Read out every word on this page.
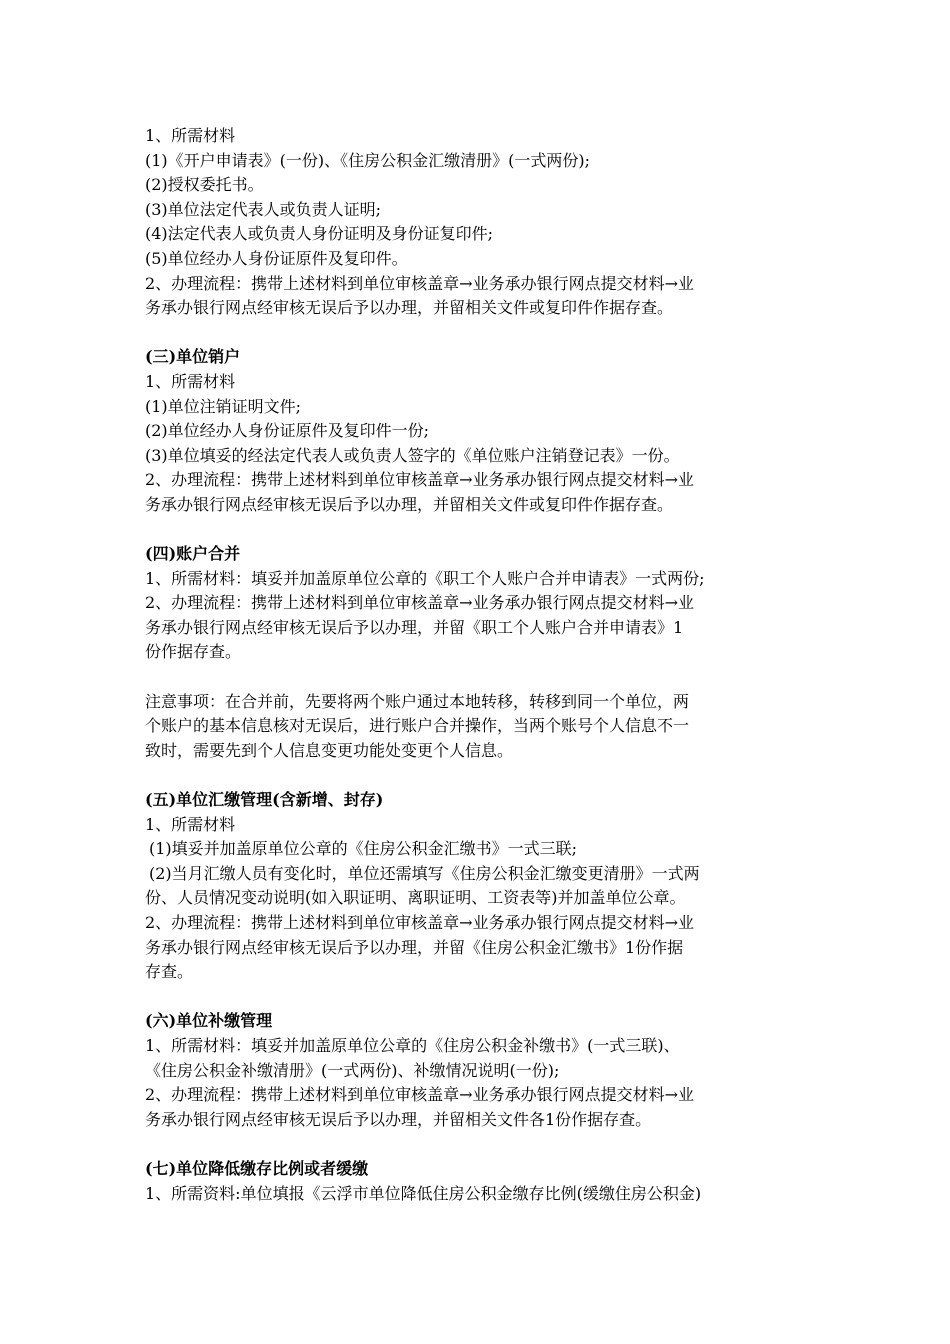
1、所需材料
(1)《开户申请表》(一份)、《住房公积金汇缴清册》(一式两份);
(2)授权委托书。
(3)单位法定代表人或负责人证明;
(4)法定代表人或负责人身份证明及身份证复印件;
(5)单位经办人身份证原件及复印件。
2、办理流程：携带上述材料到单位审核盖章→业务承办银行网点提交材料→业
务承办银行网点经审核无误后予以办理，并留相关文件或复印件作据存查。
(三)单位销户
1、所需材料
(1)单位注销证明文件;
(2)单位经办人身份证原件及复印件一份;
(3)单位填妥的经法定代表人或负责人签字的《单位账户注销登记表》一份。
2、办理流程：携带上述材料到单位审核盖章→业务承办银行网点提交材料→业
务承办银行网点经审核无误后予以办理，并留相关文件或复印件作据存查。
(四)账户合并
1、所需材料：填妥并加盖原单位公章的《职工个人账户合并申请表》一式两份;
2、办理流程：携带上述材料到单位审核盖章→业务承办银行网点提交材料→业
务承办银行网点经审核无误后予以办理，并留《职工个人账户合并申请表》1
份作据存查。
注意事项：在合并前，先要将两个账户通过本地转移，转移到同一个单位，两
个账户的基本信息核对无误后，进行账户合并操作，当两个账号个人信息不一
致时，需要先到个人信息变更功能处变更个人信息。
(五)单位汇缴管理(含新增、封存)
1、所需材料
(1)填妥并加盖原单位公章的《住房公积金汇缴书》一式三联;
(2)当月汇缴人员有变化时，单位还需填写《住房公积金汇缴变更清册》一式两
份、人员情况变动说明(如入职证明、离职证明、工资表等)并加盖单位公章。
2、办理流程：携带上述材料到单位审核盖章→业务承办银行网点提交材料→业
务承办银行网点经审核无误后予以办理，并留《住房公积金汇缴书》1份作据
存查。
(六)单位补缴管理
1、所需材料：填妥并加盖原单位公章的《住房公积金补缴书》(一式三联)、
《住房公积金补缴清册》(一式两份)、补缴情况说明(一份);
2、办理流程：携带上述材料到单位审核盖章→业务承办银行网点提交材料→业
务承办银行网点经审核无误后予以办理，并留相关文件各1份作据存查。
(七)单位降低缴存比例或者缓缴
1、所需资料:单位填报《云浮市单位降低住房公积金缴存比例(缓缴住房公积金)
